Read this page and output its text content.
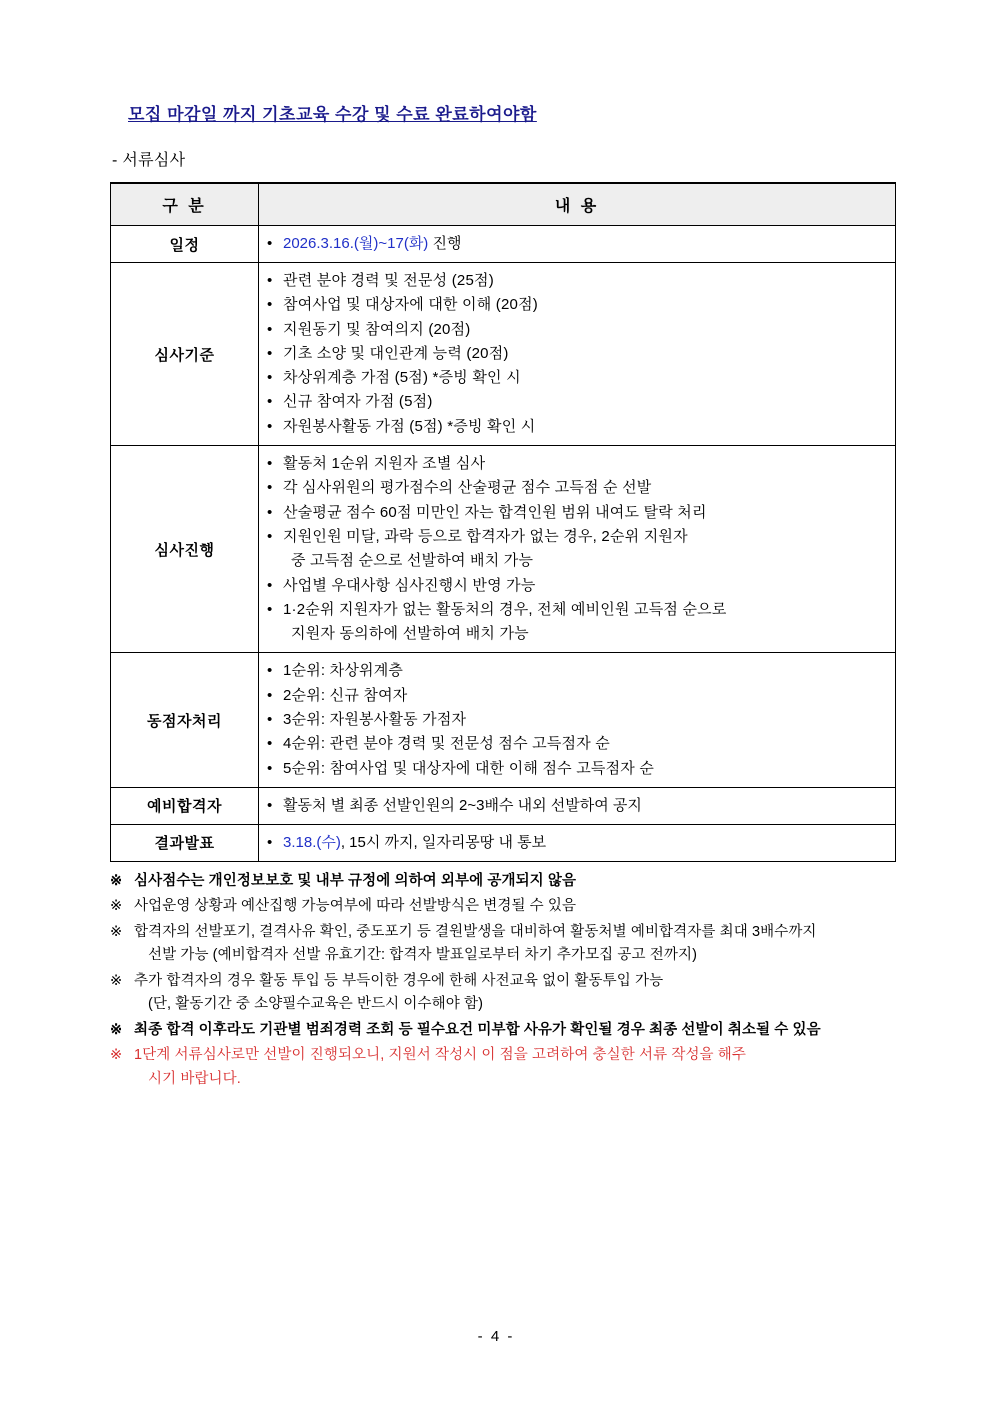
모집 마감일 까지 기초교육 수강 및 수료 완료하여야함
- 서류심사
구 분	내 용
일정	• 2026.3.16.(월)~17(화) 진행

심사기준	
• 관련 분야 경력 및 전문성 (25점)
• 참여사업 및 대상자에 대한 이해 (20점)
• 지원동기 및 참여의지 (20점)
• 기초 소양 및 대인관계 능력 (20점)
• 차상위계층 가점 (5점) *증빙 확인 시
• 신규 참여자 가점 (5점)
• 자원봉사활동 가점 (5점) *증빙 확인 시

심사진행	
• 활동처 1순위 지원자 조별 심사
• 각 심사위원의 평가점수의 산술평균 점수 고득점 순 선발
• 산술평균 점수 60점 미만인 자는 합격인원 범위 내여도 탈락 처리
• 지원인원 미달, 과락 등으로 합격자가 없는 경우, 2순위 지원자
중 고득점 순으로 선발하여 배치 가능
• 사업별 우대사항 심사진행시 반영 가능
• 1·2순위 지원자가 없는 활동처의 경우, 전체 예비인원 고득점 순으로
지원자 동의하에 선발하여 배치 가능

동점자처리	
• 1순위: 차상위계층
• 2순위: 신규 참여자
• 3순위: 자원봉사활동 가점자
• 4순위: 관련 분야 경력 및 전문성 점수 고득점자 순
• 5순위: 참여사업 및 대상자에 대한 이해 점수 고득점자 순

예비합격자	• 활동처 별 최종 선발인원의 2~3배수 내외 선발하여 공지

결과발표	• 3.18.(수), 15시 까지, 일자리몽땅 내 통보
※ 심사점수는 개인정보보호 및 내부 규정에 의하여 외부에 공개되지 않음
※ 사업운영 상황과 예산집행 가능여부에 따라 선발방식은 변경될 수 있음
※ 합격자의 선발포기, 결격사유 확인, 중도포기 등 결원발생을 대비하여 활동처별 예비합격자를 최대 3배수까지
선발 가능 (예비합격자 선발 유효기간: 합격자 발표일로부터 차기 추가모집 공고 전까지)
※ 추가 합격자의 경우 활동 투입 등 부득이한 경우에 한해 사전교육 없이 활동투입 가능
(단, 활동기간 중 소양필수교육은 반드시 이수해야 함)
※ 최종 합격 이후라도 기관별 범죄경력 조회 등 필수요건 미부합 사유가 확인될 경우 최종 선발이 취소될 수 있음
※ 1단계 서류심사로만 선발이 진행되오니, 지원서 작성시 이 점을 고려하여 충실한 서류 작성을 해주
시기 바랍니다.
- 4 -
